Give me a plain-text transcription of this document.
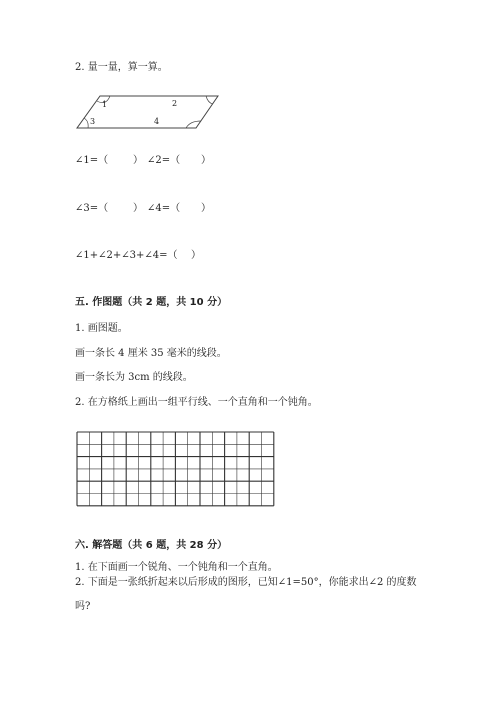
2. 量一量，算一算。
1	2
3	4
∠1=（ ） ∠2=（ ）
∠3=（ ） ∠4=（ ）
∠1+∠2+∠3+∠4=（ ）
五. 作图题（共 2 题，共 10 分）
1. 画图题。
画一条长 4 厘米 35 毫米的线段。
画一条长为 3cm 的线段。
2. 在方格纸上画出一组平行线、一个直角和一个钝角。
六. 解答题（共 6 题，共 28 分）
1. 在下面画一个锐角、一个钝角和一个直角。
2. 下面是一张纸折起来以后形成的图形，已知∠1=50°，你能求出∠2 的度数
吗?
